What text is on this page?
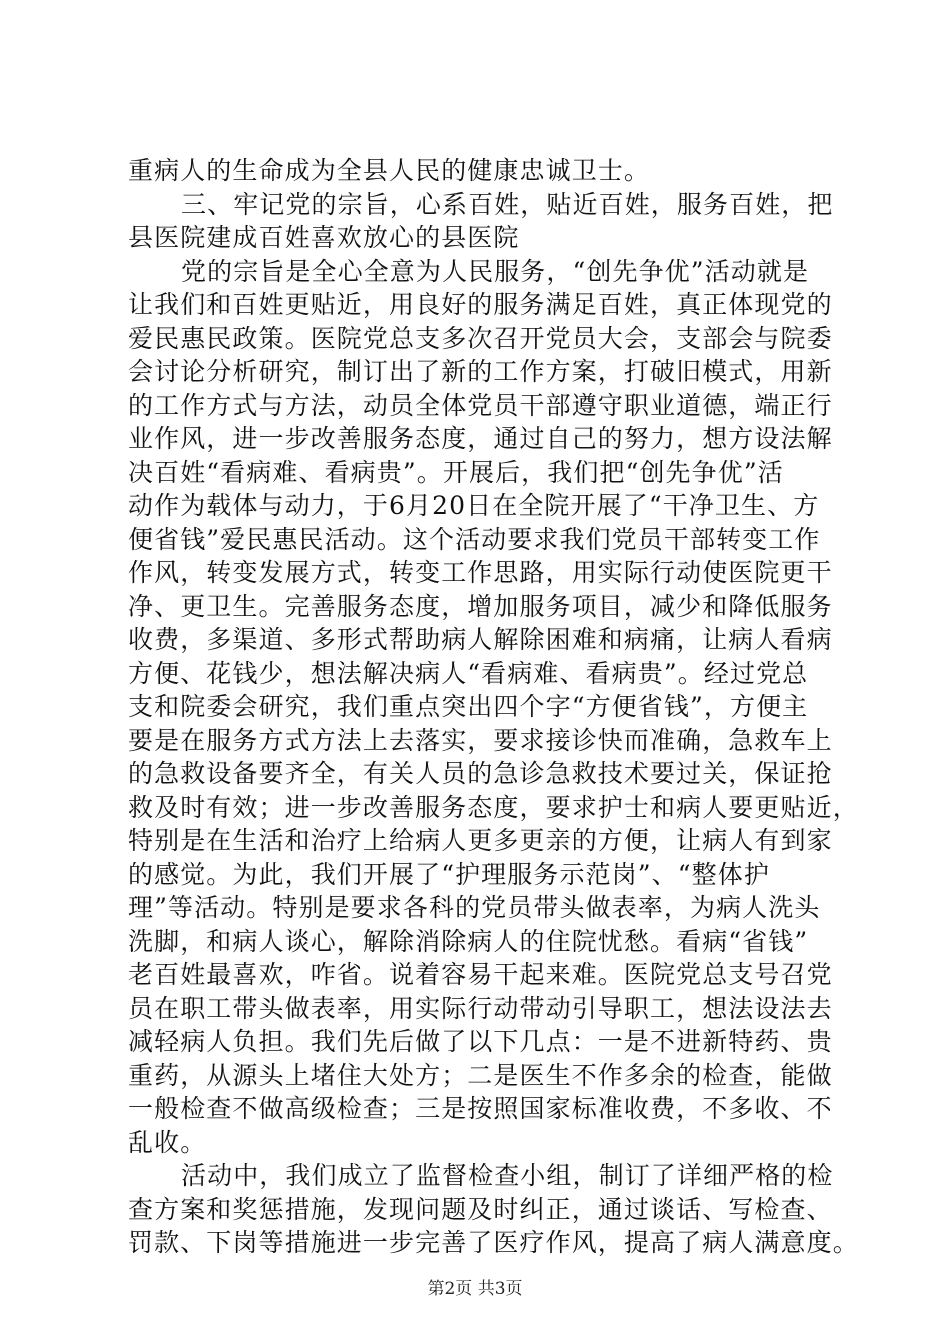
重病人的生命成为全县人民的健康忠诚卫士。
三、牢记党的宗旨，心系百姓，贴近百姓，服务百姓，把
县医院建成百姓喜欢放心的县医院
党的宗旨是全心全意为人民服务，“创先争优”活动就是
让我们和百姓更贴近，用良好的服务满足百姓，真正体现党的
爱民惠民政策。医院党总支多次召开党员大会，支部会与院委
会讨论分析研究，制订出了新的工作方案，打破旧模式，用新
的工作方式与方法，动员全体党员干部遵守职业道德，端正行
业作风，进一步改善服务态度，通过自己的努力，想方设法解
决百姓“看病难、看病贵”。开展后，我们把“创先争优”活
动作为载体与动力，于6月20日在全院开展了“干净卫生、方
便省钱”爱民惠民活动。这个活动要求我们党员干部转变工作
作风，转变发展方式，转变工作思路，用实际行动使医院更干
净、更卫生。完善服务态度，增加服务项目，减少和降低服务
收费，多渠道、多形式帮助病人解除困难和病痛，让病人看病
方便、花钱少，想法解决病人“看病难、看病贵”。经过党总
支和院委会研究，我们重点突出四个字“方便省钱”，方便主
要是在服务方式方法上去落实，要求接诊快而准确，急救车上
的急救设备要齐全，有关人员的急诊急救技术要过关，保证抢
救及时有效；进一步改善服务态度，要求护士和病人要更贴近，
特别是在生活和治疗上给病人更多更亲的方便，让病人有到家
的感觉。为此，我们开展了“护理服务示范岗”、“整体护
理”等活动。特别是要求各科的党员带头做表率，为病人洗头
洗脚，和病人谈心，解除消除病人的住院忧愁。看病“省钱”
老百姓最喜欢，咋省。说着容易干起来难。医院党总支号召党
员在职工带头做表率，用实际行动带动引导职工，想法设法去
减轻病人负担。我们先后做了以下几点：一是不进新特药、贵
重药，从源头上堵住大处方；二是医生不作多余的检查，能做
一般检查不做高级检查；三是按照国家标准收费，不多收、不
乱收。
活动中，我们成立了监督检查小组，制订了详细严格的检
查方案和奖惩措施，发现问题及时纠正，通过谈话、写检查、
罚款、下岗等措施进一步完善了医疗作风，提高了病人满意度。
第2页 共3页
